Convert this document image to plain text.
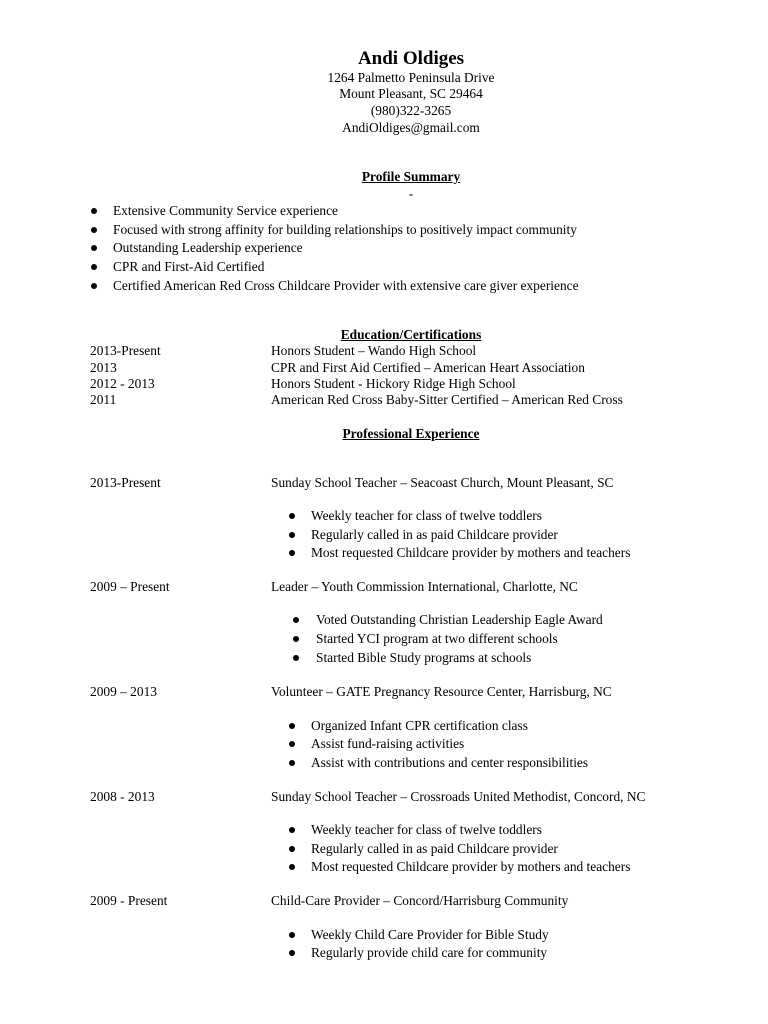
Andi Oldiges
1264 Palmetto Peninsula Drive
Mount Pleasant, SC 29464
(980)322-3265
AndiOldiges@gmail.com
Profile Summary
-
Extensive Community Service experience
Focused with strong affinity for building relationships to positively impact community
Outstanding Leadership experience
CPR and First-Aid Certified
Certified American Red Cross Childcare Provider with extensive care giver experience
Education/Certifications
2013-Present	Honors Student – Wando High School
2013	CPR and First Aid Certified – American Heart Association
2012 - 2013	Honors Student - Hickory Ridge High School
2011	American Red Cross Baby-Sitter Certified – American Red Cross
Professional Experience
2013-Present	Sunday School Teacher – Seacoast Church, Mount Pleasant, SC
Weekly teacher for class of twelve toddlers
Regularly called in as paid Childcare provider
Most requested Childcare provider by mothers and teachers
2009 – Present	Leader – Youth Commission International, Charlotte, NC
Voted Outstanding Christian Leadership Eagle Award
Started YCI program at two different schools
Started Bible Study programs at schools
2009 – 2013	Volunteer – GATE Pregnancy Resource Center, Harrisburg, NC
Organized Infant CPR certification class
Assist fund-raising activities
Assist with contributions and center responsibilities
2008 - 2013	Sunday School Teacher – Crossroads United Methodist, Concord, NC
Weekly teacher for class of twelve toddlers
Regularly called in as paid Childcare provider
Most requested Childcare provider by mothers and teachers
2009 - Present	Child-Care Provider – Concord/Harrisburg Community
Weekly Child Care Provider for Bible Study
Regularly provide child care for community
